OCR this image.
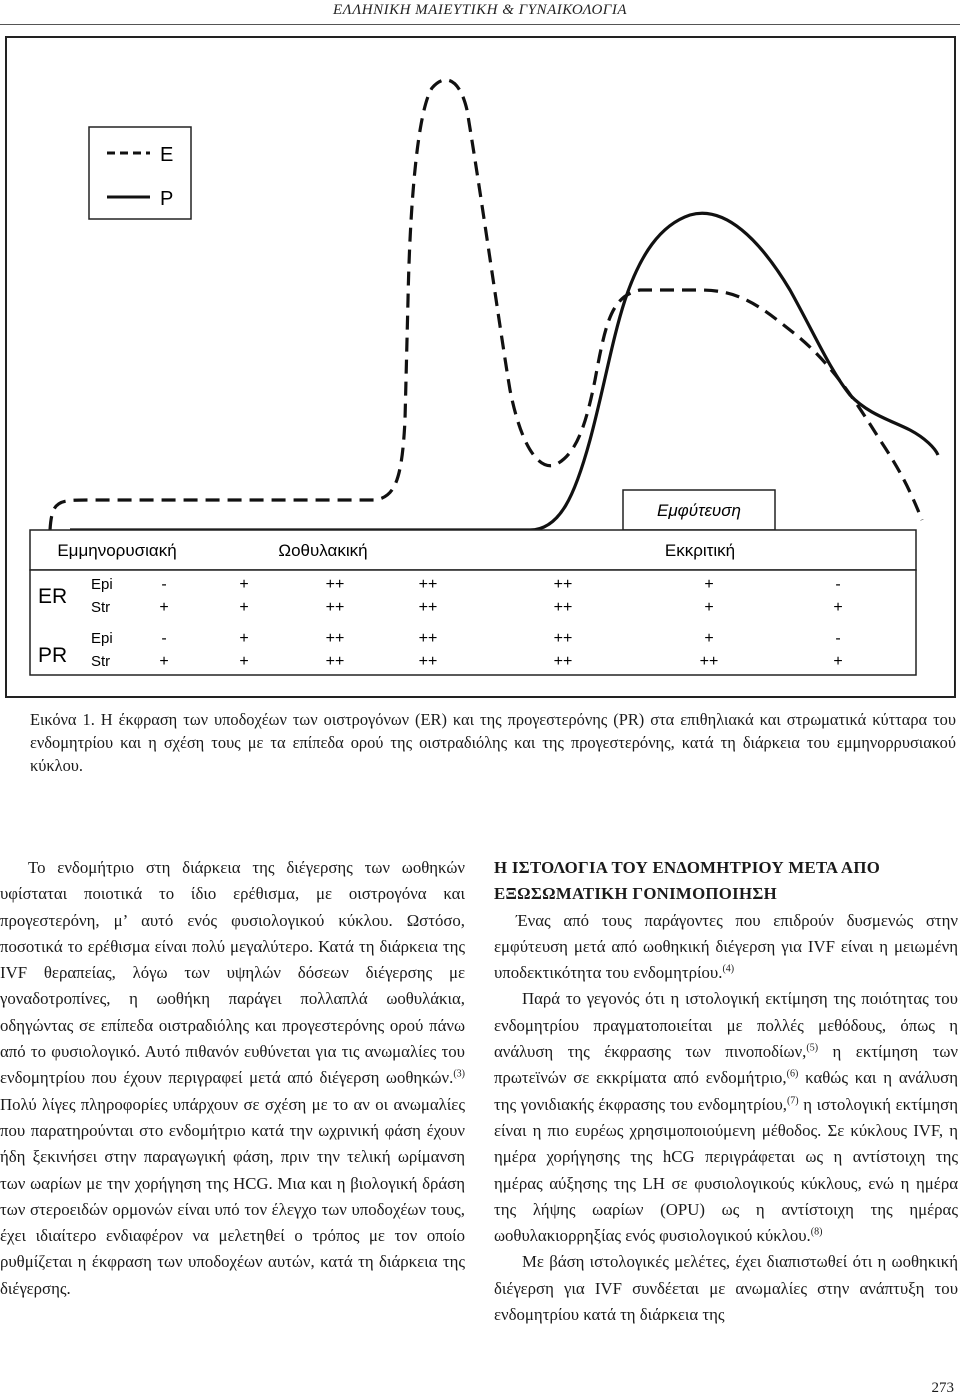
ΕΛΛΗΝΙΚΗ ΜΑΙΕΥΤΙΚΗ & ΓΥΝΑΙΚΟΛΟΓΙΑ
E
P
Εμφύτευση
Εμμηνορυσιακή	Ωοθυλακική	Εκκριτική
ER
Epi	-	+	++	++	++	+	-
Str	+	+	++	++	++	+	+
PR
Epi	-	+	++	++	++	+	-
Str	+	+	++	++	++	++	+
Εικόνα 1. Η έκφραση των υποδοχέων των οιστρογόνων (ER) και της προγεστερόνης (PR) στα επιθηλιακά και στρωματικά κύτταρα του ενδομητρίου και η σχέση τους με τα επίπεδα ορού της οιστραδιόλης και της προγεστερόνης, κατά τη διάρκεια του εμμηνορρυσιακού κύκλου.

Το ενδομήτριο στη διάρκεια της διέγερσης των ωοθηκών υφίσταται ποιοτικά το ίδιο ερέθισμα, με οιστρογόνα και προγεστερόνη, μ’ αυτό ενός φυσιολογικού κύκλου. Ωστόσο, ποσοτικά το ερέθισμα είναι πολύ μεγαλύτερο. Κατά τη διάρκεια της IVF θεραπείας, λόγω των υψηλών δόσεων διέγερσης με γοναδοτροπίνες, η ωοθήκη παράγει πολλαπλά ωοθυλάκια, οδηγώντας σε επίπεδα οιστραδιόλης και προγεστερόνης ορού πάνω από το φυσιολογικό. Αυτό πιθανόν ευθύνεται για τις ανωμαλίες του ενδομητρίου που έχουν περιγραφεί μετά από διέγερση ωοθηκών.$^{(3)}$ Πολύ λίγες πληροφορίες υπάρχουν σε σχέση με το αν οι ανωμαλίες που παρατηρούνται στο ενδομήτριο κατά την ωχρινική φάση έχουν ήδη ξεκινήσει στην παραγωγική φάση, πριν την τελική ωρίμανση των ωαρίων με την χορήγηση της HCG. Μια και η βιολογική δράση των στεροειδών ορμονών είναι υπό τον έλεγχο των υποδοχέων τους, έχει ιδιαίτερο ενδιαφέρον να μελετηθεί ο τρόπος με τον οποίο ρυθμίζεται η έκφραση των υποδοχέων αυτών, κατά τη διάρκεια της διέγερσης.

Η ΙΣΤΟΛΟΓΙΑ ΤΟΥ ΕΝΔΟΜΗΤΡΙΟΥ ΜΕΤΑ ΑΠΟ ΕΞΩΣΩΜΑΤΙΚΗ ΓΟΝΙΜΟΠΟΙΗΣΗ

Ένας από τους παράγοντες που επιδρούν δυσμενώς στην εμφύτευση μετά από ωοθηκική διέγερση για IVF είναι η μειωμένη υποδεκτικότητα του ενδομητρίου.$^{(4)}$

Παρά το γεγονός ότι η ιστολογική εκτίμηση της ποιότητας του ενδομητρίου πραγματοποιείται με πολλές μεθόδους, όπως η ανάλυση της έκφρασης των πινοποδίων,$^{(5)}$ η εκτίμηση των πρωτεϊνών σε εκκρίματα από ενδομήτριο,$^{(6)}$ καθώς και η ανάλυση της γονιδιακής έκφρασης του ενδομητρίου,$^{(7)}$ η ιστολογική εκτίμηση είναι η πιο ευρέως χρησιμοποιούμενη μέθοδος. Σε κύκλους IVF, η ημέρα χορήγησης της hCG περιγράφεται ως η αντίστοιχη της ημέρας αύξησης της LH σε φυσιολογικούς κύκλους, ενώ η ημέρα της λήψης ωαρίων (OPU) ως η αντίστοιχη της ημέρας ωοθυλακιορρηξίας ενός φυσιολογικού κύκλου.$^{(8)}$

Με βάση ιστολογικές μελέτες, έχει διαπιστωθεί ότι η ωοθηκική διέγερση για IVF συνδέεται με ανωμαλίες στην ανάπτυξη του ενδομητρίου κατά τη διάρκεια της

273
